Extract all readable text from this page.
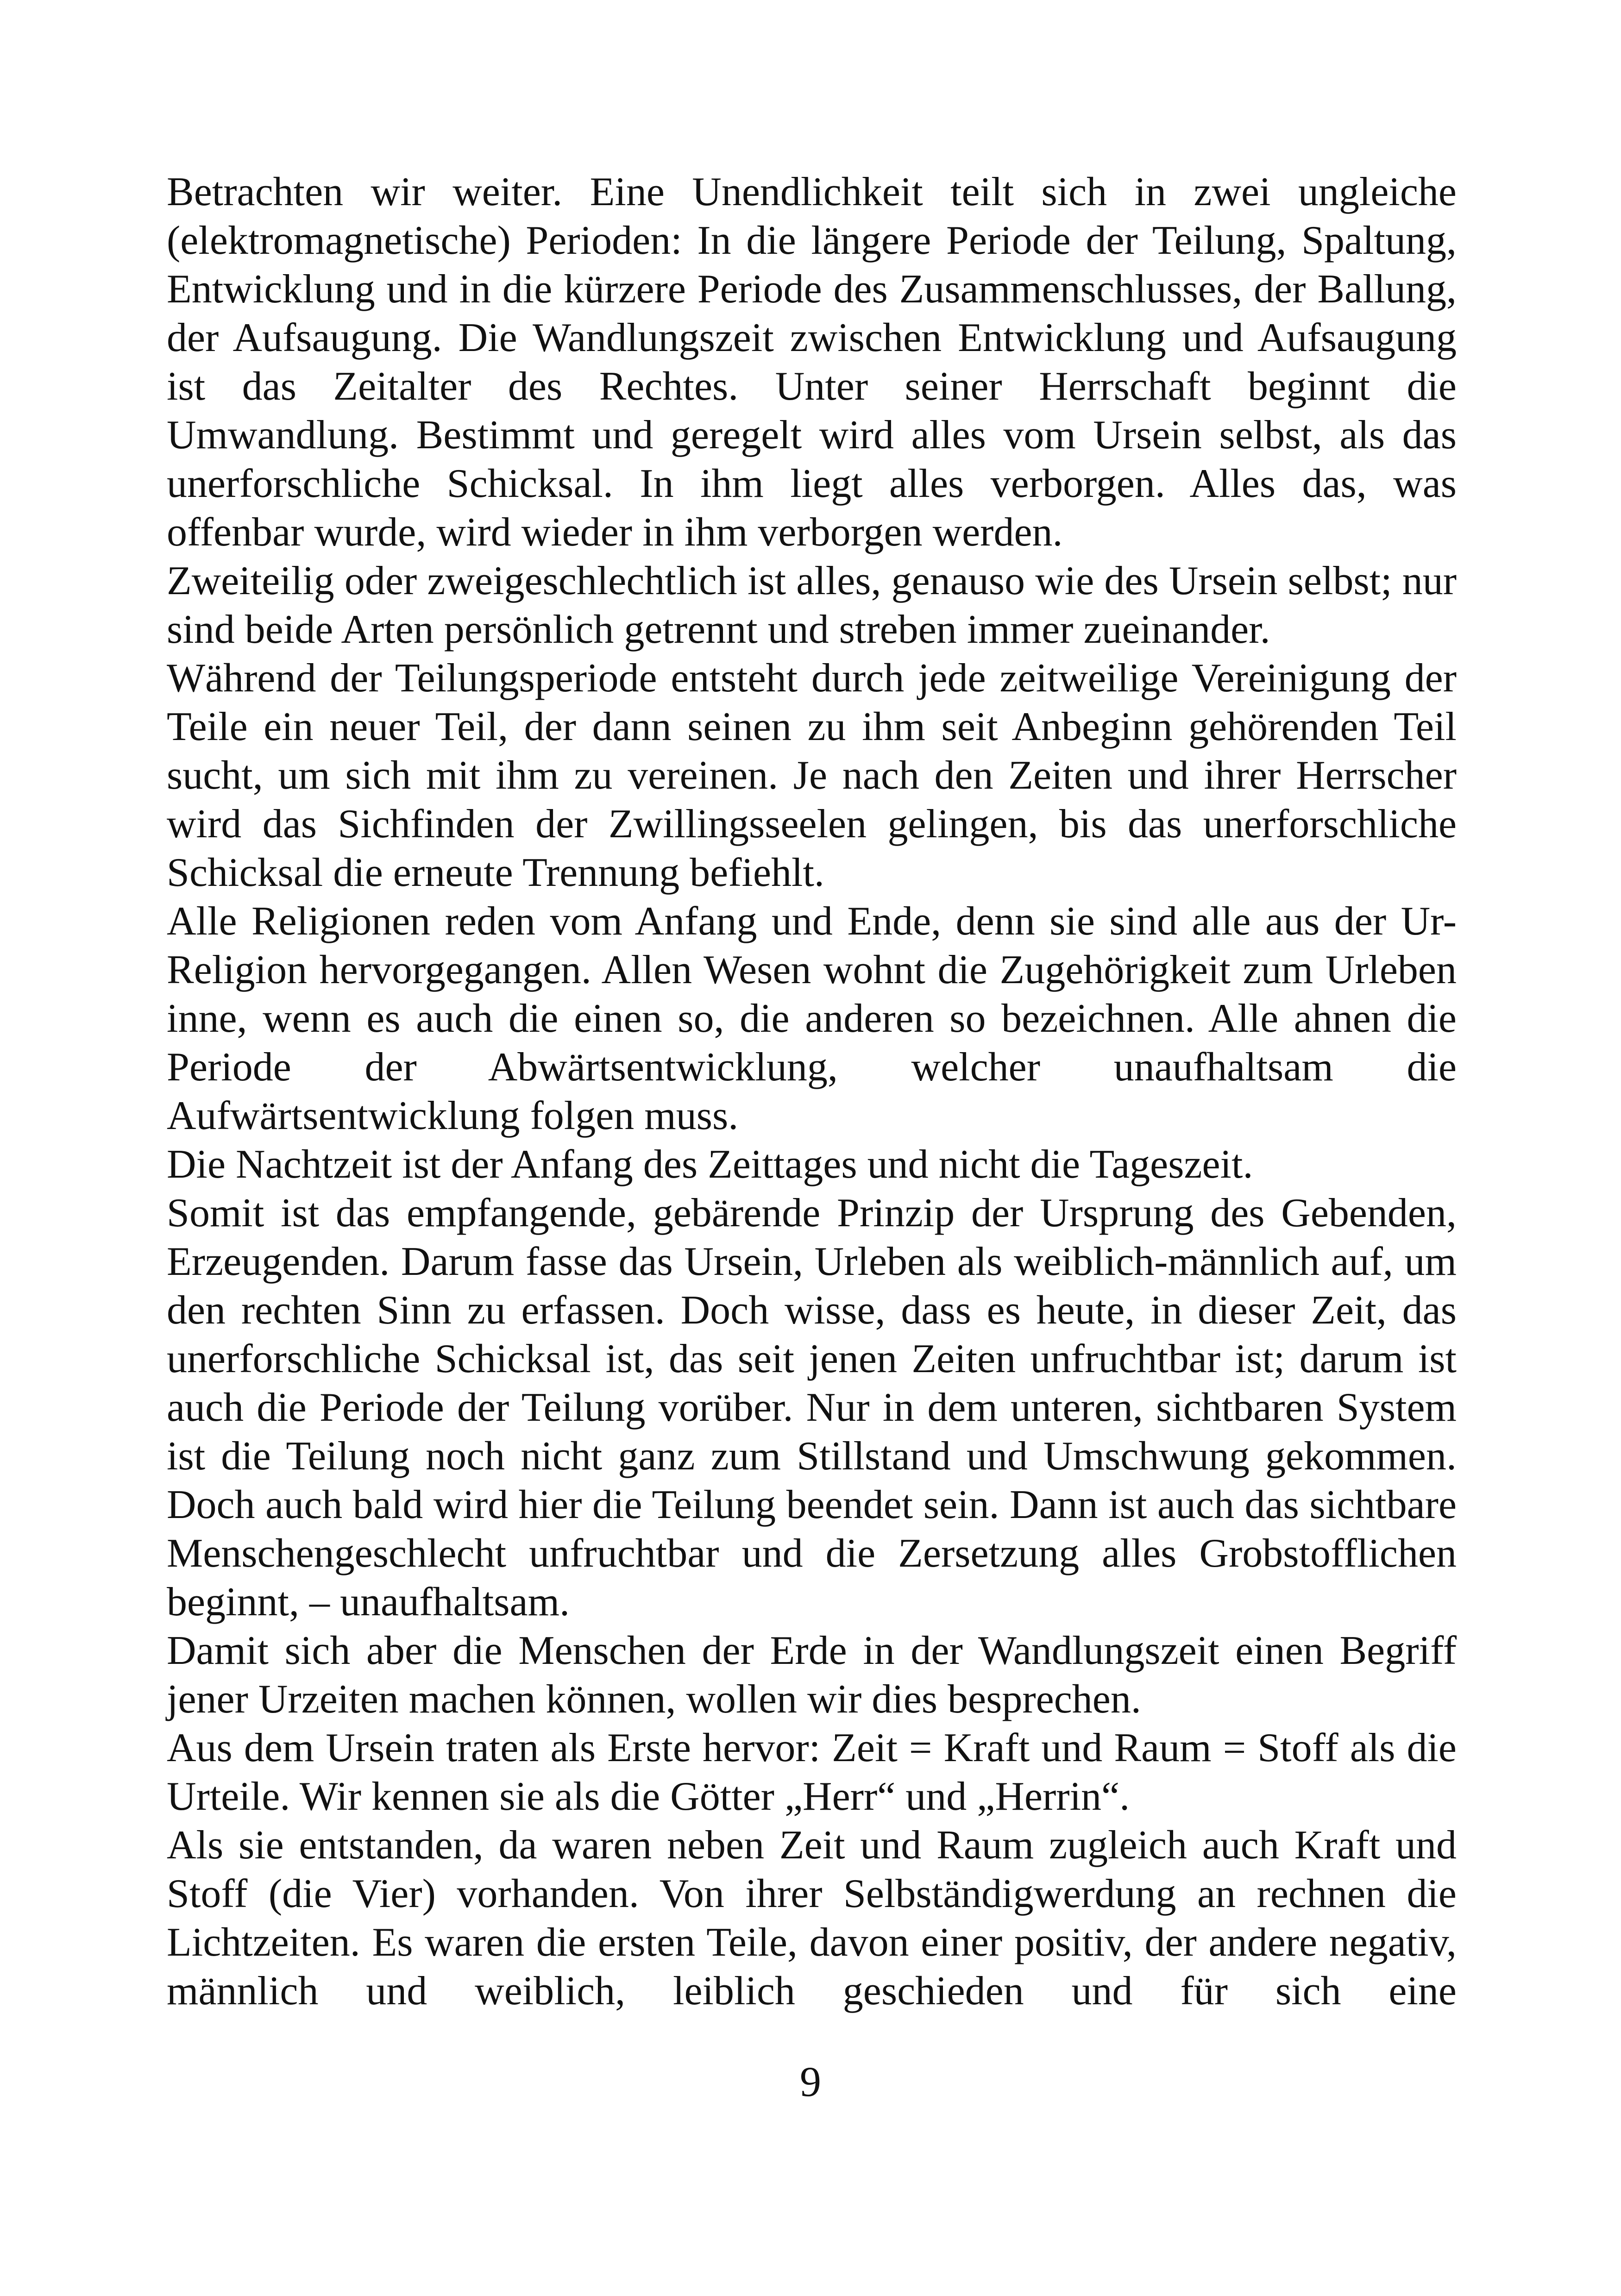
Betrachten wir weiter. Eine Unendlichkeit teilt sich in zwei ungleiche (elektromagnetische) Perioden: In die längere Periode der Teilung, Spaltung, Entwicklung und in die kürzere Periode des Zusammenschlusses, der Ballung, der Aufsaugung. Die Wandlungszeit zwischen Entwicklung und Aufsaugung ist das Zeitalter des Rechtes. Unter seiner Herrschaft beginnt die Umwandlung. Bestimmt und geregelt wird alles vom Ursein selbst, als das unerforschliche Schicksal. In ihm liegt alles verborgen. Alles das, was offenbar wurde, wird wieder in ihm verborgen werden.

Zweiteilig oder zweigeschlechtlich ist alles, genauso wie des Ursein selbst; nur sind beide Arten persönlich getrennt und streben immer zueinander.

Während der Teilungsperiode entsteht durch jede zeitweilige Vereinigung der Teile ein neuer Teil, der dann seinen zu ihm seit Anbeginn gehörenden Teil sucht, um sich mit ihm zu vereinen. Je nach den Zeiten und ihrer Herrscher wird das Sichfinden der Zwillingsseelen gelingen, bis das unerforschliche Schicksal die erneute Trennung befiehlt.

Alle Religionen reden vom Anfang und Ende, denn sie sind alle aus der Ur-Religion hervorgegangen. Allen Wesen wohnt die Zugehörigkeit zum Urleben inne, wenn es auch die einen so, die anderen so bezeichnen. Alle ahnen die Periode der Abwärtsentwicklung, welcher unaufhaltsam die Aufwärtsentwicklung folgen muss.

Die Nachtzeit ist der Anfang des Zeittages und nicht die Tageszeit.

Somit ist das empfangende, gebärende Prinzip der Ursprung des Gebenden, Erzeugenden. Darum fasse das Ursein, Urleben als weiblich-männlich auf, um den rechten Sinn zu erfassen. Doch wisse, dass es heute, in dieser Zeit, das unerforschliche Schicksal ist, das seit jenen Zeiten unfruchtbar ist; darum ist auch die Periode der Teilung vorüber. Nur in dem unteren, sichtbaren System ist die Teilung noch nicht ganz zum Stillstand und Umschwung gekommen. Doch auch bald wird hier die Teilung beendet sein. Dann ist auch das sichtbare Menschengeschlecht unfruchtbar und die Zersetzung alles Grobstofflichen beginnt, – unaufhaltsam.

Damit sich aber die Menschen der Erde in der Wandlungszeit einen Begriff jener Urzeiten machen können, wollen wir dies besprechen.

Aus dem Ursein traten als Erste hervor: Zeit = Kraft und Raum = Stoff als die Urteile. Wir kennen sie als die Götter „Herr“ und „Herrin“.

Als sie entstanden, da waren neben Zeit und Raum zugleich auch Kraft und Stoff (die Vier) vorhanden. Von ihrer Selbständigwerdung an rechnen die Lichtzeiten. Es waren die ersten Teile, davon einer positiv, der andere negativ, männlich und weiblich, leiblich geschieden und für sich eine

9
